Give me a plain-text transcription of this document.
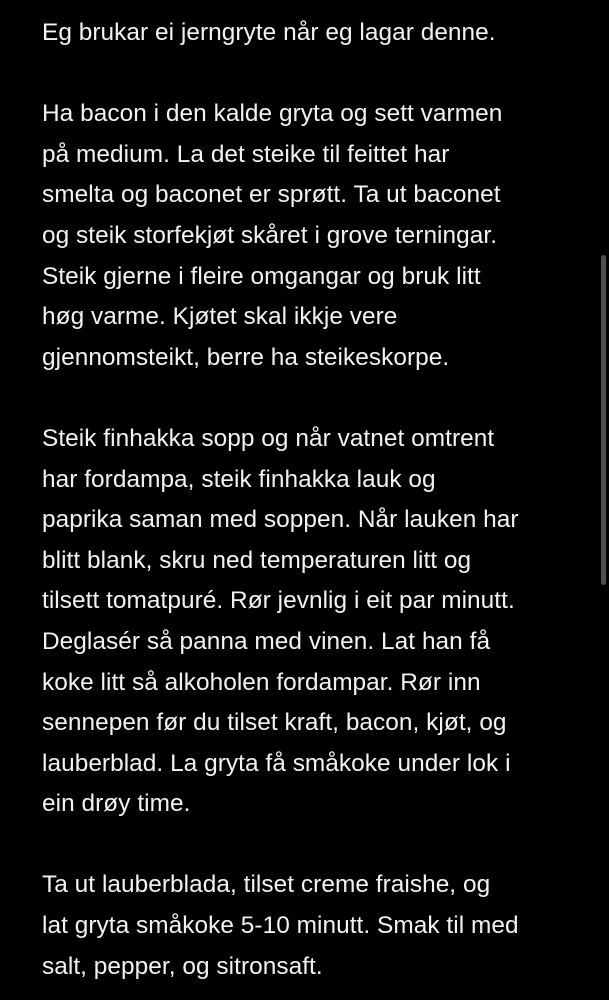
Eg brukar ei jerngryte når eg lagar denne.
Ha bacon i den kalde gryta og sett varmen
på medium. La det steike til feittet har
smelta og baconet er sprøtt. Ta ut baconet
og steik storfekjøt skåret i grove terningar.
Steik gjerne i fleire omgangar og bruk litt
høg varme. Kjøtet skal ikkje vere
gjennomsteikt, berre ha steikeskorpe.
Steik finhakka sopp og når vatnet omtrent
har fordampa, steik finhakka lauk og
paprika saman med soppen. Når lauken har
blitt blank, skru ned temperaturen litt og
tilsett tomatpuré. Rør jevnlig i eit par minutt.
Deglasér så panna med vinen. Lat han få
koke litt så alkoholen fordampar. Rør inn
sennepen før du tilset kraft, bacon, kjøt, og
lauberblad. La gryta få småkoke under lok i
ein drøy time.
Ta ut lauberblada, tilset creme fraishe, og
lat gryta småkoke 5-10 minutt. Smak til med
salt, pepper, og sitronsaft.
